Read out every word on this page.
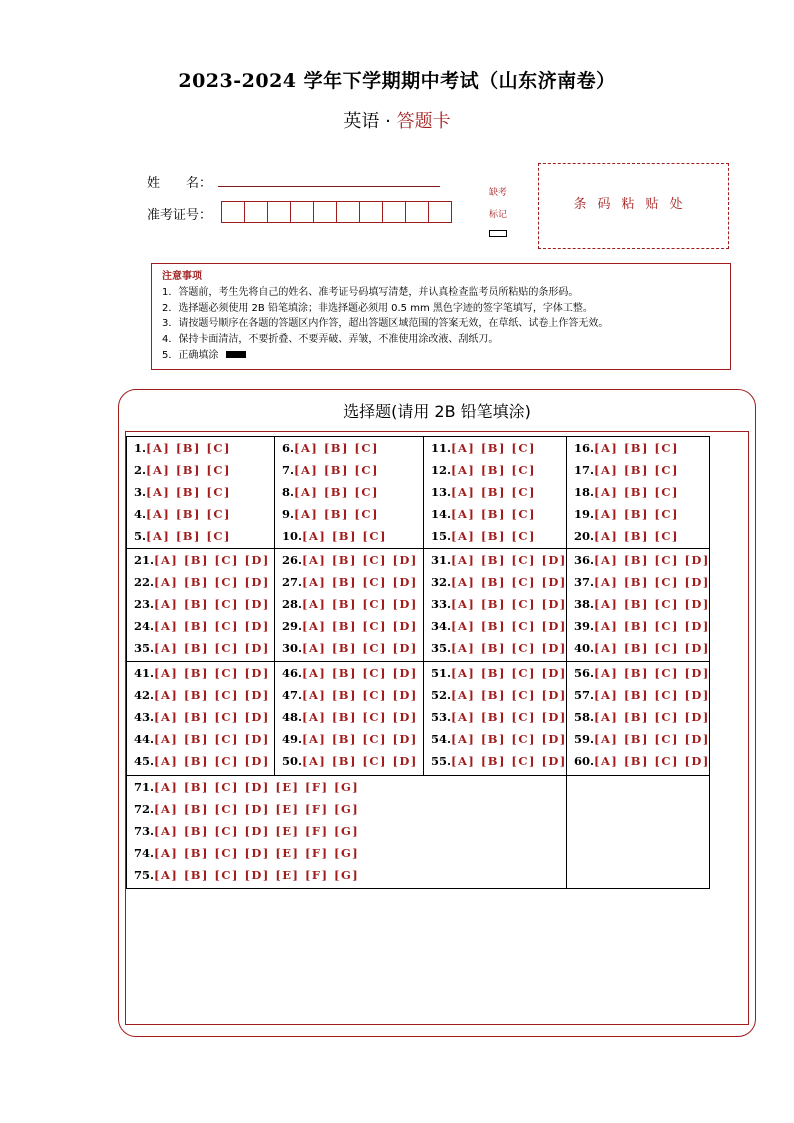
2023-2024 学年下学期期中考试（山东济南卷）
英语 · 答题卡
姓　　名：
准考证号：
缺考
标记
条码粘贴处
注意事项
1．答题前，考生先将自己的姓名、准考证号码填写清楚，并认真检查监考员所粘贴的条形码。
2．选择题必须使用 2B 铅笔填涂；非选择题必须用 0.5 mm 黑色字迹的签字笔填写，字体工整。
3．请按题号顺序在各题的答题区内作答，超出答题区域范围的答案无效，在草纸、试卷上作答无效。
4．保持卡面清洁，不要折叠、不要弄破、弄皱，不准使用涂改液、刮纸刀。
5．正确填涂
选择题(请用 2B 铅笔填涂)
1.[A] [B] [C]
2.[A] [B] [C]
3.[A] [B] [C]
4.[A] [B] [C]
5.[A] [B] [C]
6.[A] [B] [C]
7.[A] [B] [C]
8.[A] [B] [C]
9.[A] [B] [C]
10.[A] [B] [C]
11.[A] [B] [C]
12.[A] [B] [C]
13.[A] [B] [C]
14.[A] [B] [C]
15.[A] [B] [C]
16.[A] [B] [C]
17.[A] [B] [C]
18.[A] [B] [C]
19.[A] [B] [C]
20.[A] [B] [C]
21.[A] [B] [C] [D]
22.[A] [B] [C] [D]
23.[A] [B] [C] [D]
24.[A] [B] [C] [D]
35.[A] [B] [C] [D]
26.[A] [B] [C] [D]
27.[A] [B] [C] [D]
28.[A] [B] [C] [D]
29.[A] [B] [C] [D]
30.[A] [B] [C] [D]
31.[A] [B] [C] [D]
32.[A] [B] [C] [D]
33.[A] [B] [C] [D]
34.[A] [B] [C] [D]
35.[A] [B] [C] [D]
36.[A] [B] [C] [D]
37.[A] [B] [C] [D]
38.[A] [B] [C] [D]
39.[A] [B] [C] [D]
40.[A] [B] [C] [D]
41.[A] [B] [C] [D]
42.[A] [B] [C] [D]
43.[A] [B] [C] [D]
44.[A] [B] [C] [D]
45.[A] [B] [C] [D]
46.[A] [B] [C] [D]
47.[A] [B] [C] [D]
48.[A] [B] [C] [D]
49.[A] [B] [C] [D]
50.[A] [B] [C] [D]
51.[A] [B] [C] [D]
52.[A] [B] [C] [D]
53.[A] [B] [C] [D]
54.[A] [B] [C] [D]
55.[A] [B] [C] [D]
56.[A] [B] [C] [D]
57.[A] [B] [C] [D]
58.[A] [B] [C] [D]
59.[A] [B] [C] [D]
60.[A] [B] [C] [D]
71.[A] [B] [C] [D] [E] [F] [G]
72.[A] [B] [C] [D] [E] [F] [G]
73.[A] [B] [C] [D] [E] [F] [G]
74.[A] [B] [C] [D] [E] [F] [G]
75.[A] [B] [C] [D] [E] [F] [G]
